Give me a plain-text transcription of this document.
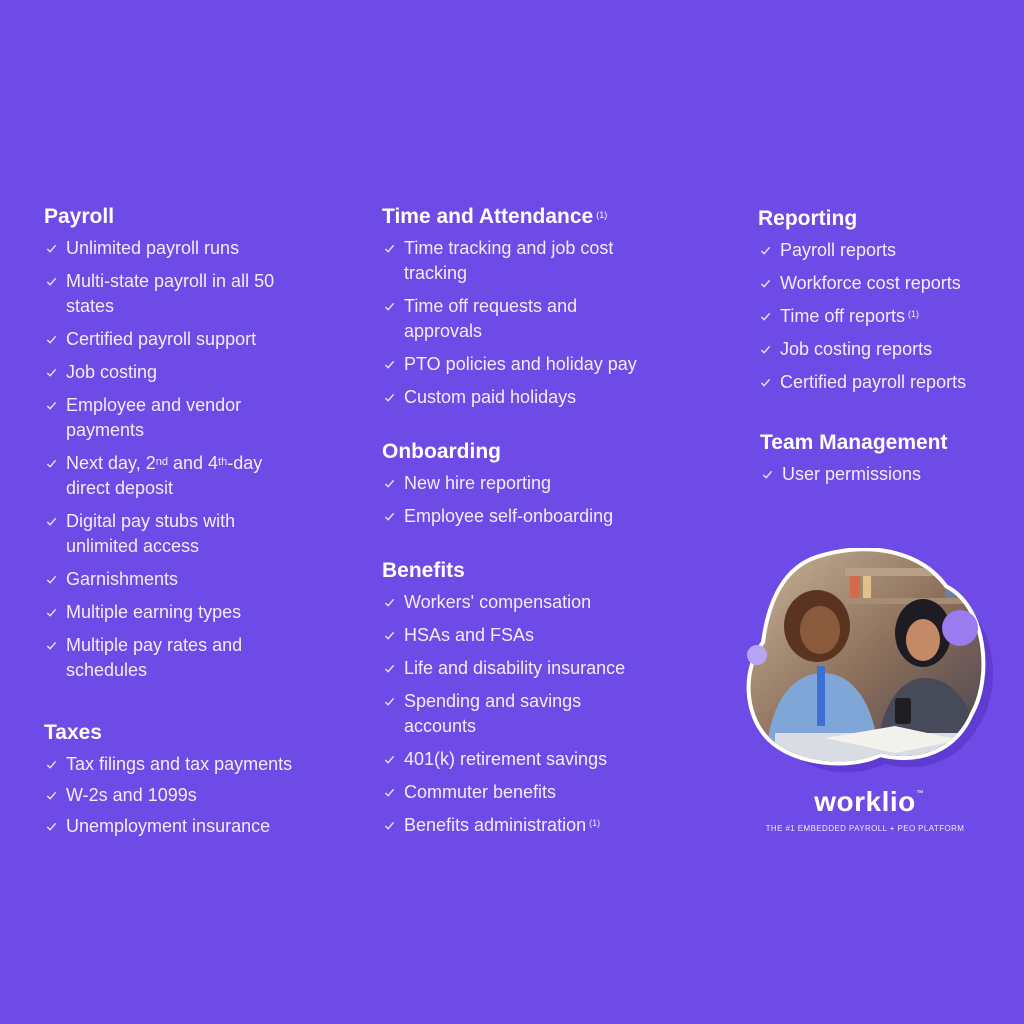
Payroll
Unlimited payroll runs
Multi-state payroll in all 50 states
Certified payroll support
Job costing
Employee and vendor payments
Next day, 2nd and 4th-day direct deposit
Digital pay stubs with unlimited access
Garnishments
Multiple earning types
Multiple pay rates and schedules
Taxes
Tax filings and tax payments
W-2s and 1099s
Unemployment insurance
Time and Attendance $^{(1)}$
Time tracking and job cost tracking
Time off requests and approvals
PTO policies and holiday pay
Custom paid holidays
Onboarding
New hire reporting
Employee self-onboarding
Benefits
Workers' compensation
HSAs and FSAs
Life and disability insurance
Spending and savings accounts
401(k) retirement savings
Commuter benefits
Benefits administration $^{(1)}$
Reporting
Payroll reports
Workforce cost reports
Time off reports $^{(1)}$
Job costing reports
Certified payroll reports
Team Management
User permissions
worklio ™
THE #1 EMBEDDED PAYROLL + PEO PLATFORM
